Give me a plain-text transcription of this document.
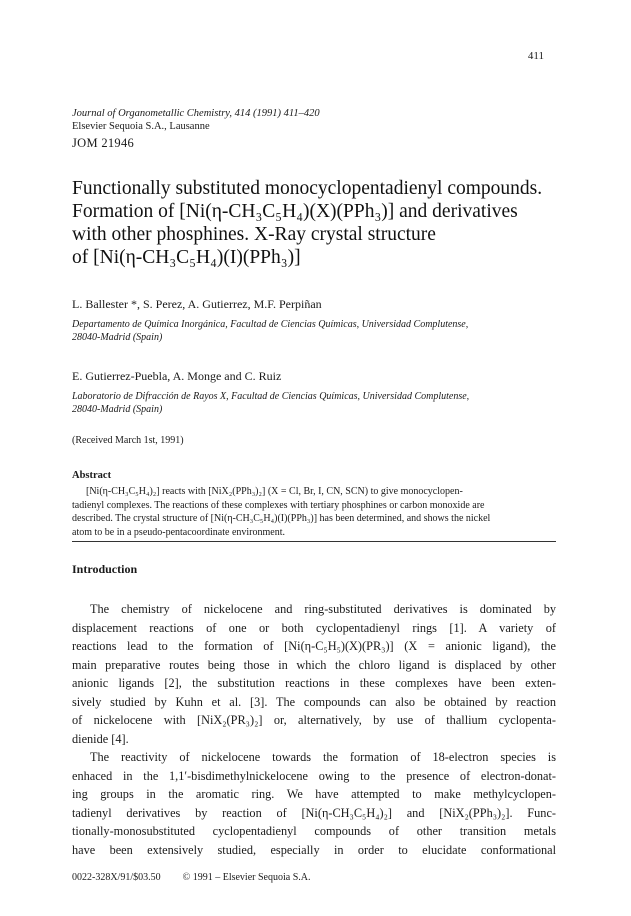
411
Journal of Organometallic Chemistry, 414 (1991) 411–420
Elsevier Sequoia S.A., Lausanne
JOM 21946
Functionally substituted monocyclopentadienyl compounds.
Formation of [Ni(η-CH₃C₅H₄)(X)(PPh₃)] and derivatives
with other phosphines. X-Ray crystal structure
of [Ni(η-CH₃C₅H₄)(I)(PPh₃)]
L. Ballester *, S. Perez, A. Gutierrez, M.F. Perpiñan
Departamento de Química Inorgánica, Facultad de Ciencias Químicas, Universidad Complutense,
28040-Madrid (Spain)
E. Gutierrez-Puebla, A. Monge and C. Ruiz
Laboratorio de Difracción de Rayos X, Facultad de Ciencias Químicas, Universidad Complutense,
28040-Madrid (Spain)
(Received March 1st, 1991)
Abstract
[Ni(η-CH₃C₅H₄)₂] reacts with [NiX₂(PPh₃)₂] (X = Cl, Br, I, CN, SCN) to give monocyclopen-
tadienyl complexes. The reactions of these complexes with tertiary phosphines or carbon monoxide are
described. The crystal structure of [Ni(η-CH₃C₅H₄)(I)(PPh₃)] has been determined, and shows the nickel
atom to be in a pseudo-pentacoordinate environment.
Introduction
The chemistry of nickelocene and ring-substituted derivatives is dominated by
displacement reactions of one or both cyclopentadienyl rings [1]. A variety of
reactions lead to the formation of [Ni(η-C₅H₅)(X)(PR₃)] (X = anionic ligand), the
main preparative routes being those in which the chloro ligand is displaced by other
anionic ligands [2], the substitution reactions in these complexes have been exten-
sively studied by Kuhn et al. [3]. The compounds can also be obtained by reaction
of nickelocene with [NiX₂(PR₃)₂] or, alternatively, by use of thallium cyclopenta-
dienide [4].
The reactivity of nickelocene towards the formation of 18-electron species is
enhaced in the 1,1′-bisdimethylnickelocene owing to the presence of electron-donat-
ing groups in the aromatic ring. We have attempted to make methylcyclopen-
tadienyl derivatives by reaction of [Ni(η-CH₃C₅H₄)₂] and [NiX₂(PPh₃)₂]. Func-
tionally-monosubstituted cyclopentadienyl compounds of other transition metals
have been extensively studied, especially in order to elucidate conformational
0022-328X/91/$03.50 © 1991 – Elsevier Sequoia S.A.
